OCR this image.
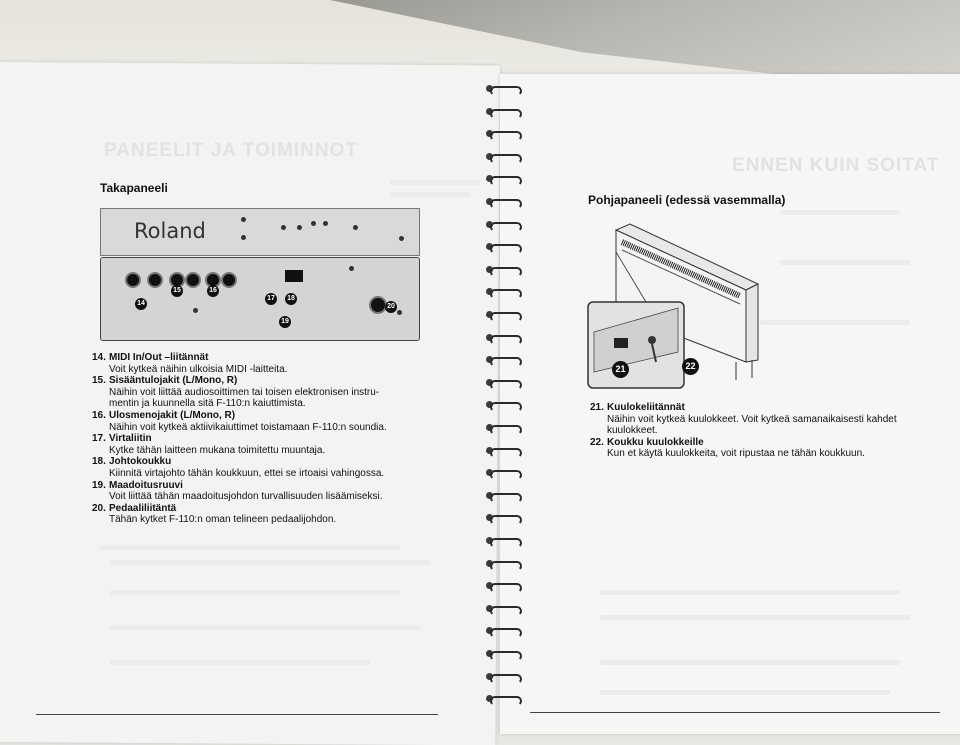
PANEELIT JA TOIMINNOT
Takapaneeli
Roland
14
15	16
17	18
19
20
14. MIDI In/Out –liitännät
Voit kytkeä näihin ulkoisia MIDI -laitteita.
15. Sisääntulojakit (L/Mono, R)
Näihin voit liittää audiosoittimen tai toisen elektronisen instru-
mentin ja kuunnella sitä F-110:n kaiuttimista.
16. Ulosmenojakit (L/Mono, R)
Näihin voit kytkeä aktiivikaiuttimet toistamaan F-110:n soundia.
17. Virtaliitin
Kytke tähän laitteen mukana toimitettu muuntaja.
18. Johtokoukku
Kiinnitä virtajohto tähän koukkuun, ettei se irtoaisi vahingossa.
19. Maadoitusruuvi
Voit liittää tähän maadoitusjohdon turvallisuuden lisäämiseksi.
20. Pedaaliliitäntä
Tähän kytket F-110:n oman telineen pedaalijohdon.
ENNEN KUIN SOITAT
Pohjapaneeli (edessä vasemmalla)
21	22
21. Kuulokeliitännät
Näihin voit kytkeä kuulokkeet. Voit kytkeä samanaikaisesti kahdet
kuulokkeet.
22. Koukku kuulokkeille
Kun et käytä kuulokkeita, voit ripustaa ne tähän koukkuun.
